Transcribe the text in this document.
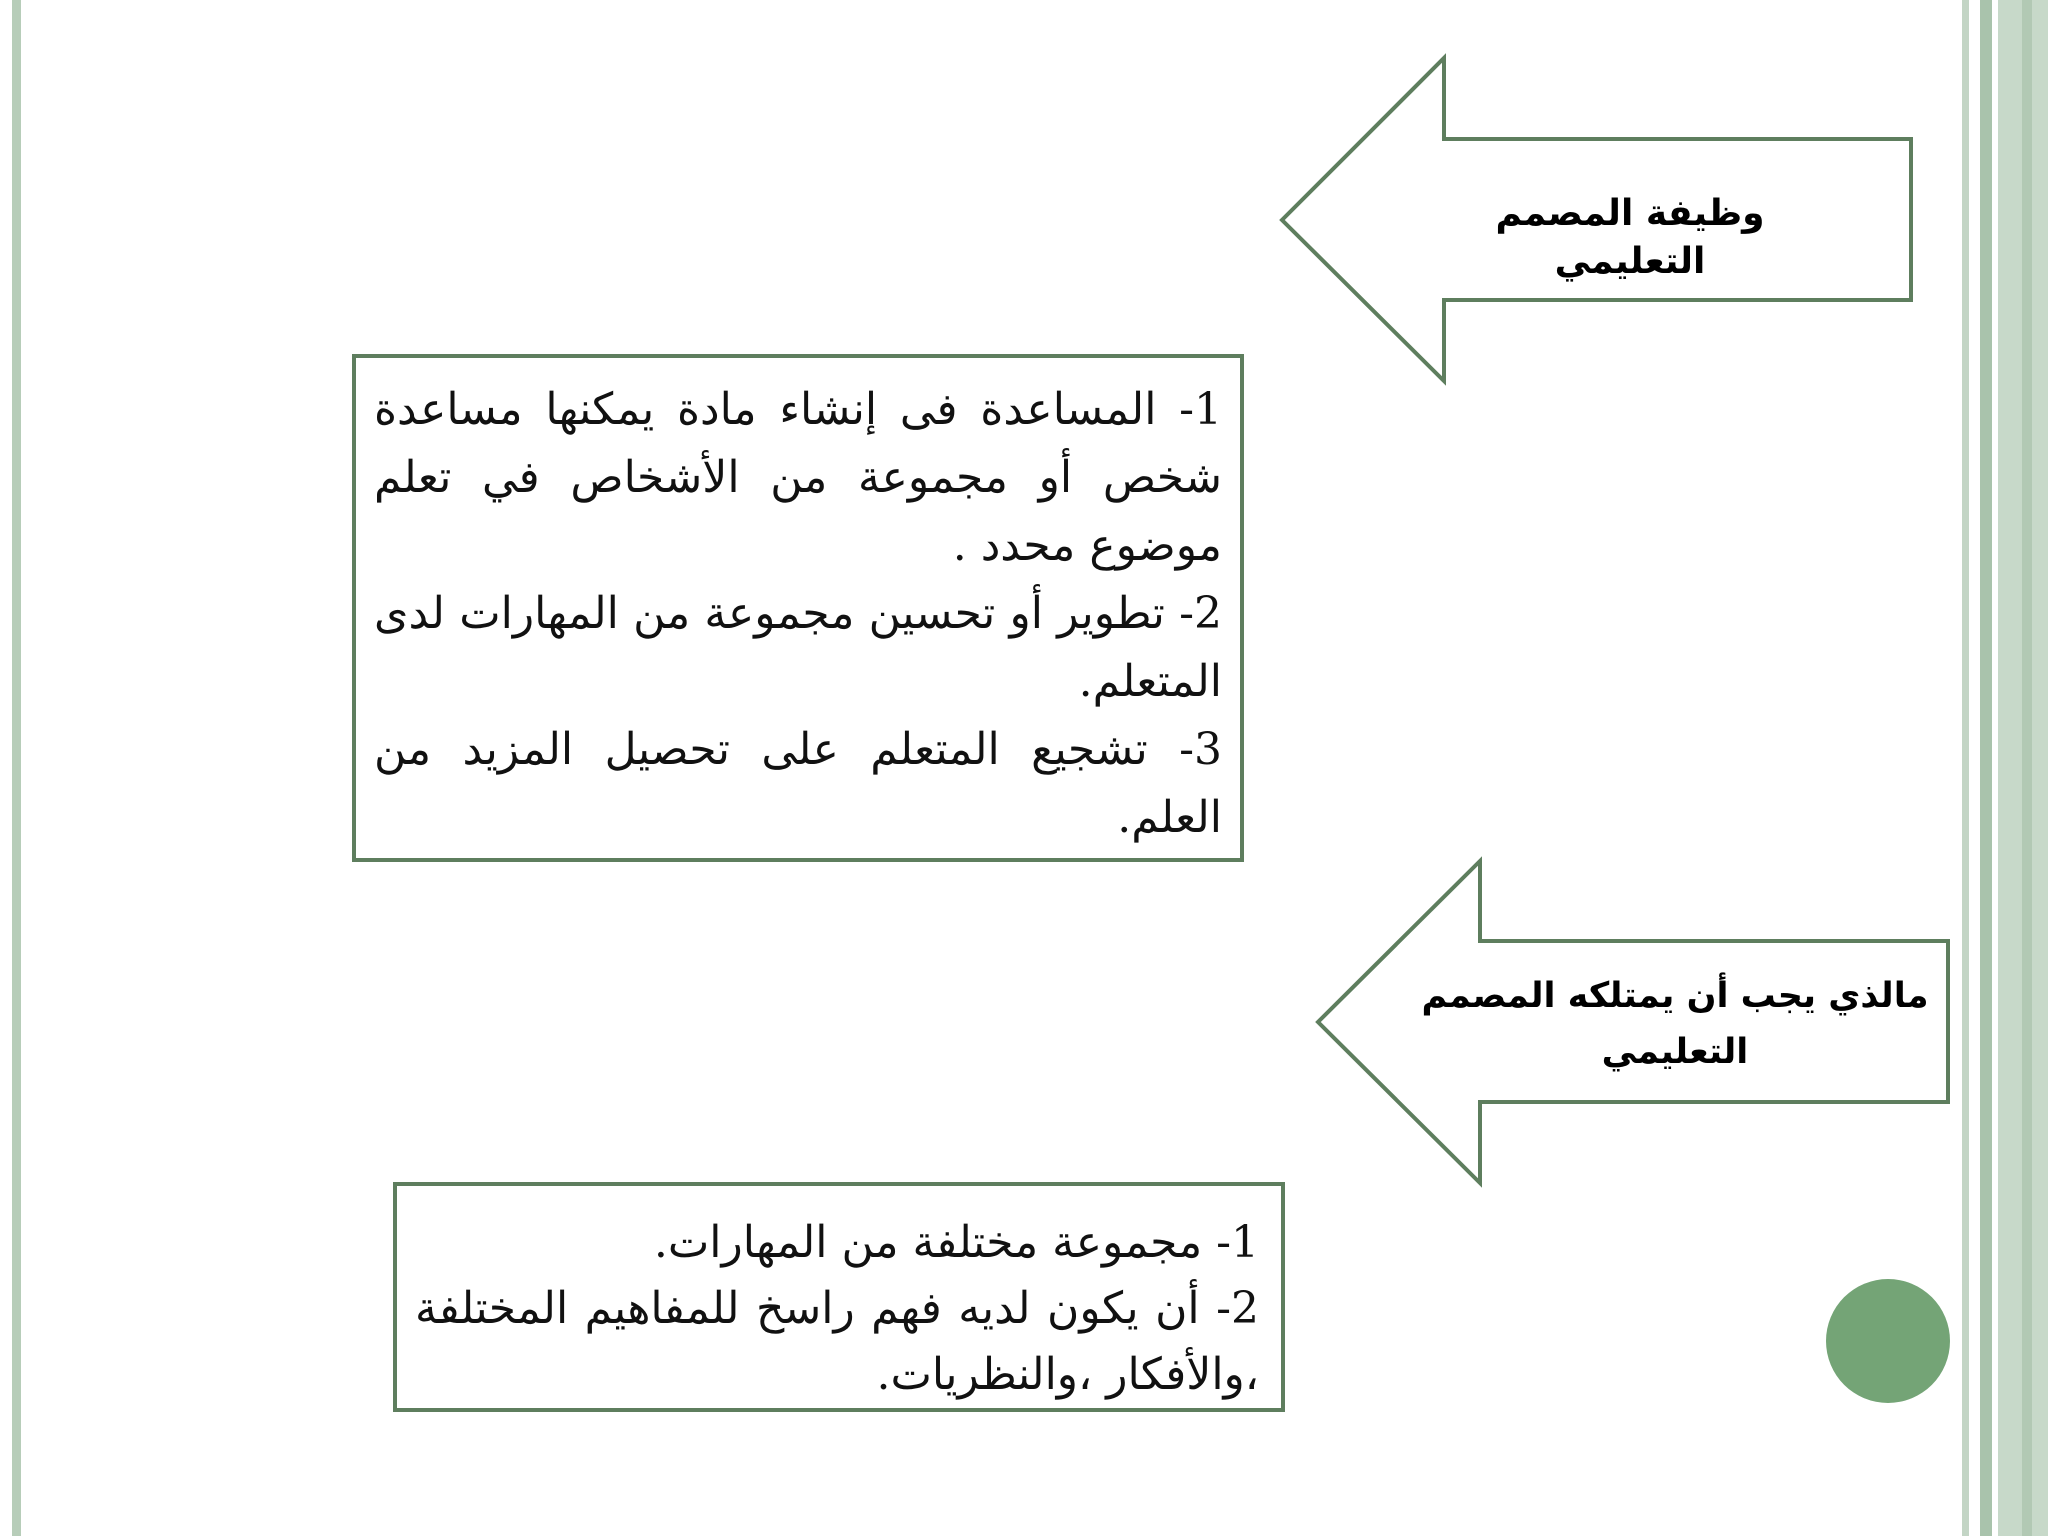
وظيفة المصمم التعليمي
مالذي يجب أن يمتلكه المصمم التعليمي
1- المساعدة فى إنشاء مادة يمكنها مساعدة شخص أو مجموعة من الأشخاص في تعلم موضوع محدد .
2- تطوير أو تحسين مجموعة من المهارات لدى المتعلم.
3- تشجيع المتعلم على تحصيل المزيد من العلم.
1- مجموعة مختلفة من المهارات.
2- أن يكون لديه فهم راسخ للمفاهيم المختلفة ،والأفكار ،والنظريات.
